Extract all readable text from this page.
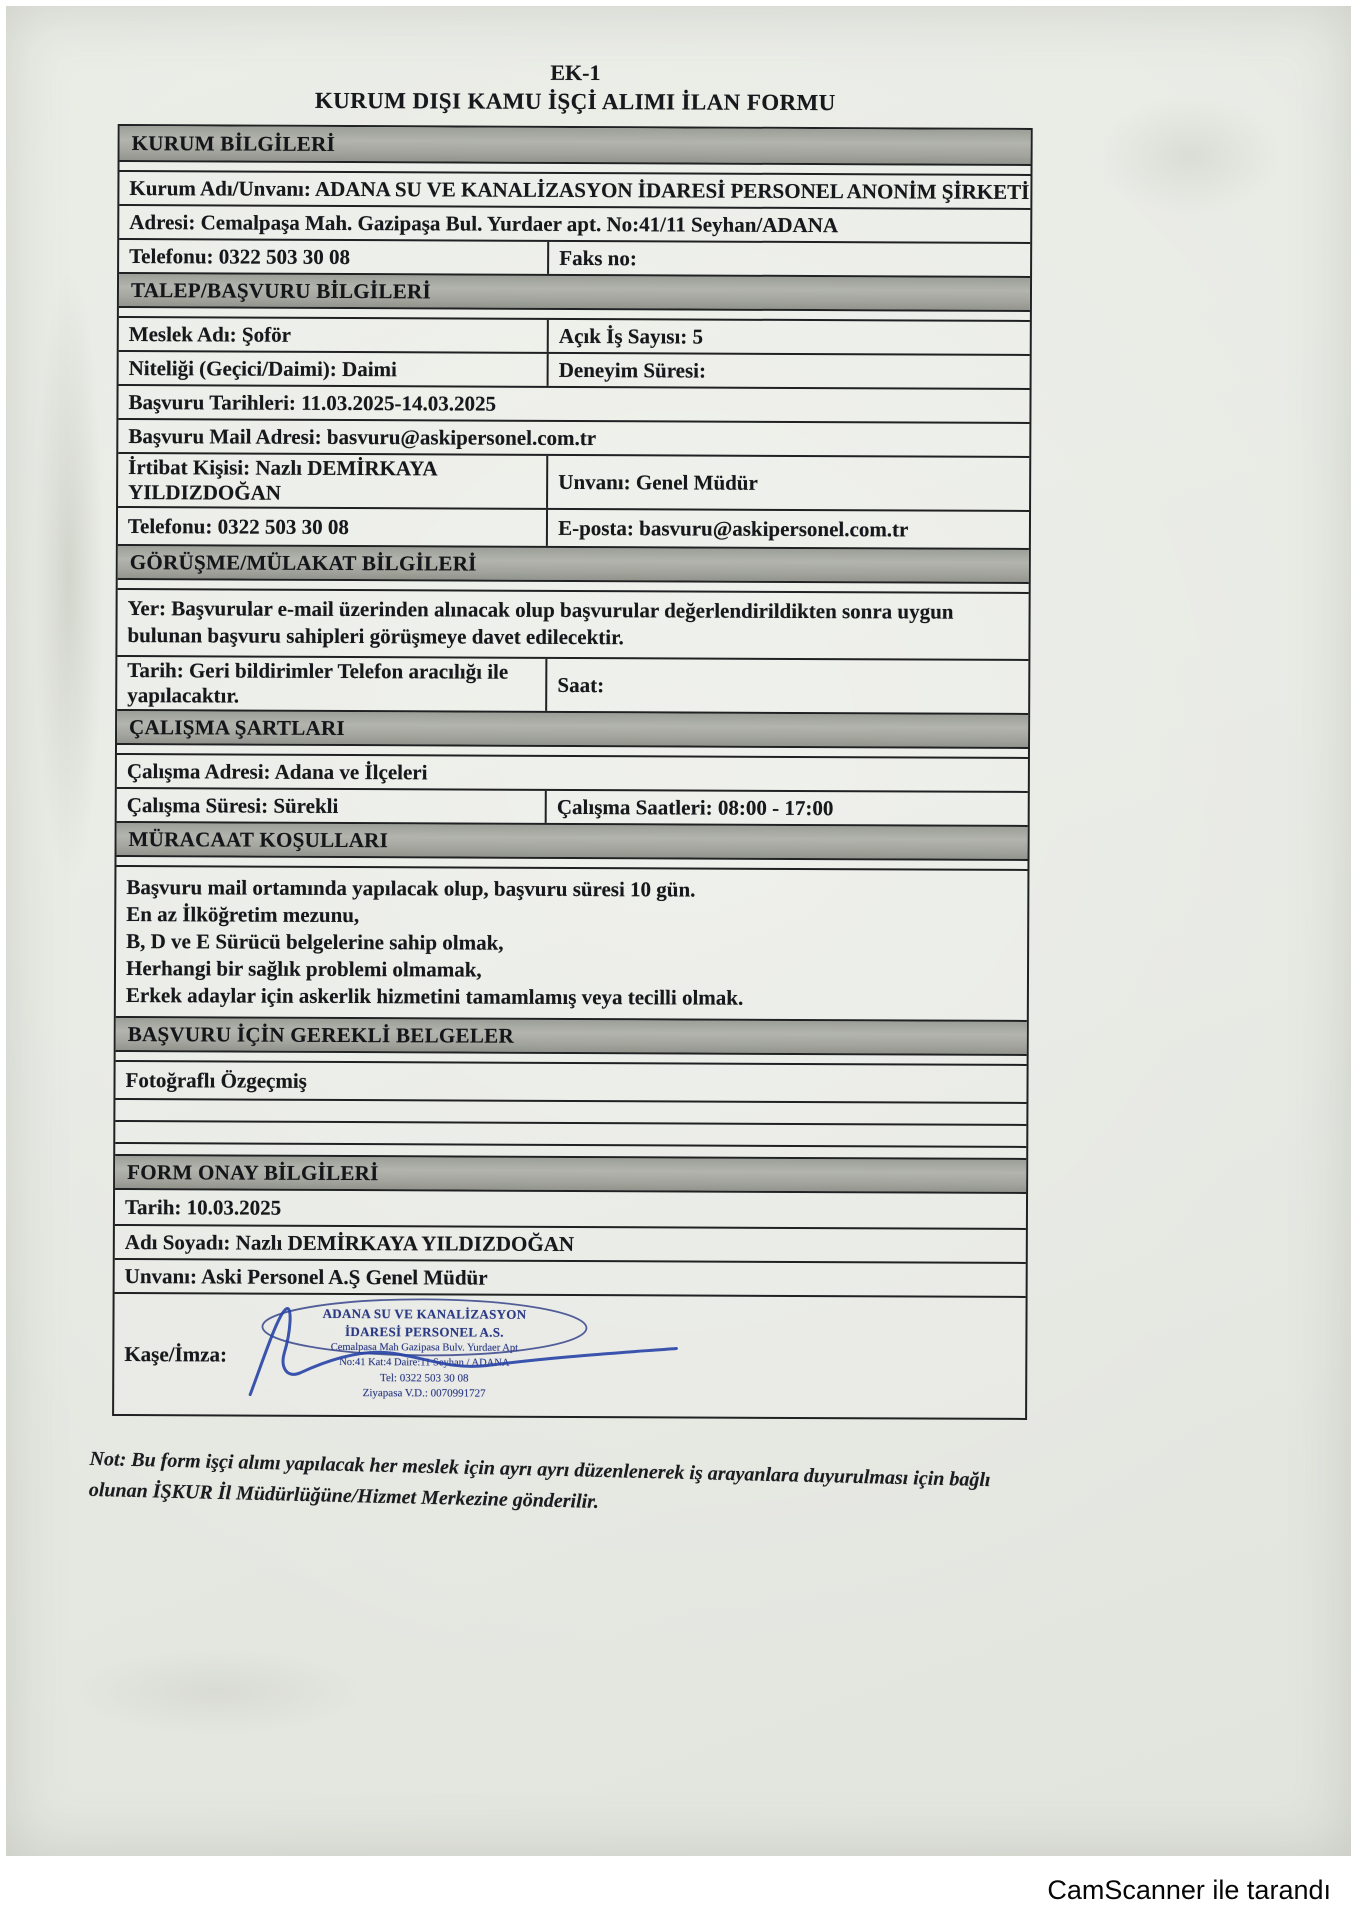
EK-1
KURUM DIŞI KAMU İŞÇİ ALIMI İLAN FORMU
KURUM BİLGİLERİ
Kurum Adı/Unvanı: ADANA SU VE KANALİZASYON İDARESİ PERSONEL ANONİM ŞİRKETİ
Adresi: Cemalpaşa Mah. Gazipaşa Bul. Yurdaer apt. No:41/11 Seyhan/ADANA
Telefonu: 0322 503 30 08	Faks no:
TALEP/BAŞVURU BİLGİLERİ
Meslek Adı: Şoför	Açık İş Sayısı: 5
Niteliği (Geçici/Daimi): Daimi	Deneyim Süresi:
Başvuru Tarihleri: 11.03.2025-14.03.2025
Başvuru Mail Adresi: basvuru@askipersonel.com.tr
İrtibat Kişisi: Nazlı DEMİRKAYA YILDIZDOĞAN	Unvanı: Genel Müdür
Telefonu: 0322 503 30 08	E-posta: basvuru@askipersonel.com.tr
GÖRÜŞME/MÜLAKAT BİLGİLERİ
Yer: Başvurular e-mail üzerinden alınacak olup başvurular değerlendirildikten sonra uygun bulunan başvuru sahipleri görüşmeye davet edilecektir.
Tarih: Geri bildirimler Telefon aracılığı ile yapılacaktır.	Saat:
ÇALIŞMA ŞARTLARI
Çalışma Adresi: Adana ve İlçeleri
Çalışma Süresi: Sürekli	Çalışma Saatleri: 08:00 - 17:00
MÜRACAAT KOŞULLARI
Başvuru mail ortamında yapılacak olup, başvuru süresi 10 gün.
En az İlköğretim mezunu,
B, D ve E Sürücü belgelerine sahip olmak,
Herhangi bir sağlık problemi olmamak,
Erkek adaylar için askerlik hizmetini tamamlamış veya tecilli olmak.
BAŞVURU İÇİN GEREKLİ BELGELER
Fotoğraflı Özgeçmiş
FORM ONAY BİLGİLERİ
Tarih: 10.03.2025
Adı Soyadı: Nazlı DEMİRKAYA YILDIZDOĞAN
Unvanı: Aski Personel A.Ş Genel Müdür
Kaşe/İmza:
ADANA SU VE KANALİZASYON
İDARESİ PERSONEL A.S.
Cemalpasa Mah Gazipasa Bulv. Yurdaer Apt
No:41 Kat:4 Daire:11 Seyhan / ADANA
Tel: 0322 503 30 08
Ziyapasa V.D.: 0070991727
Not: Bu form işçi alımı yapılacak her meslek için ayrı ayrı düzenlenerek iş arayanlara duyurulması için bağlı olunan İŞKUR İl Müdürlüğüne/Hizmet Merkezine gönderilir.
CamScanner ile tarandı
